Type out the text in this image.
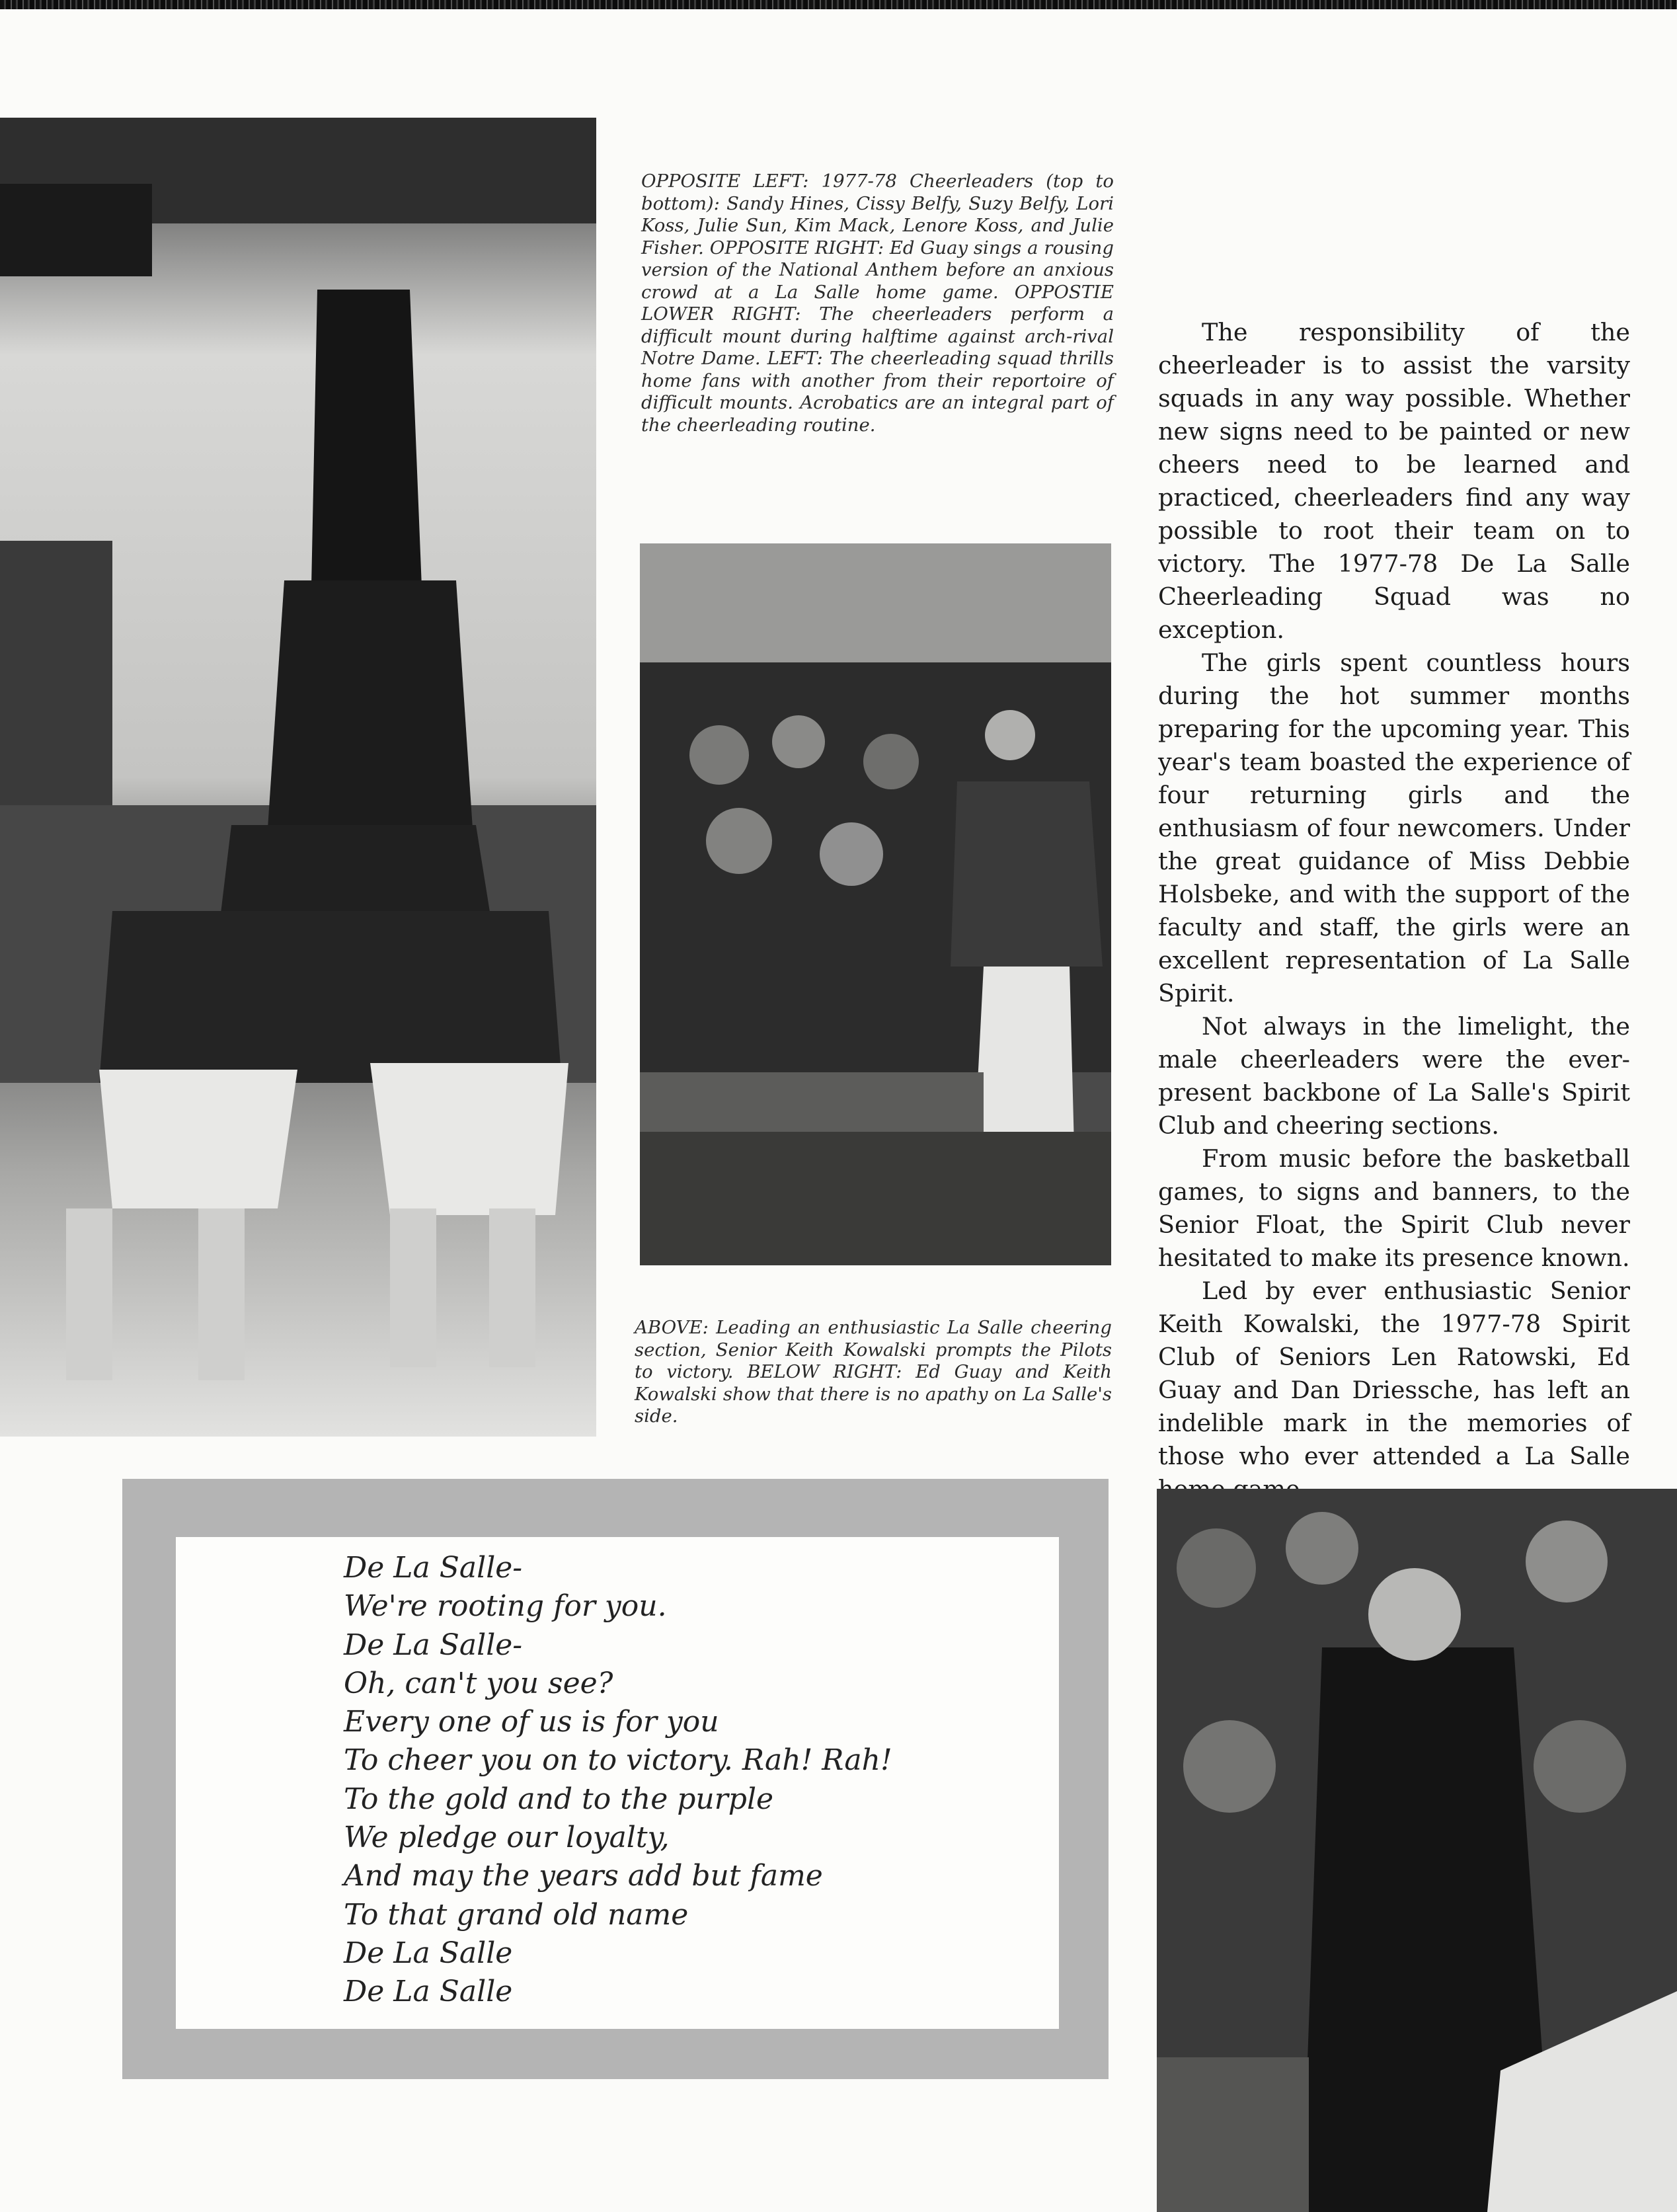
OPPOSITE LEFT: 1977-78 Cheerleaders (top to bottom): Sandy Hines, Cissy Belfy, Suzy Belfy, Lori Koss, Julie Sun, Kim Mack, Lenore Koss, and Julie Fisher. OPPOSITE RIGHT: Ed Guay sings a rousing version of the National Anthem before an anxious crowd at a La Salle home game. OPPOSTIE LOWER RIGHT: The cheerleaders perform a difficult mount during halftime against arch-rival Notre Dame. LEFT: The cheerleading squad thrills home fans with another from their reportoire of difficult mounts. Acrobatics are an integral part of the cheerleading routine.

ABOVE: Leading an enthusiastic La Salle cheering section, Senior Keith Kowalski prompts the Pilots to victory. BELOW RIGHT: Ed Guay and Keith Kowalski show that there is no apathy on La Salle's side.

The responsibility of the cheerleader is to assist the varsity squads in any way possible. Whether new signs need to be painted or new cheers need to be learned and practiced, cheerleaders find any way possible to root their team on to victory. The 1977-78 De La Salle Cheerleading Squad was no exception.

The girls spent countless hours during the hot summer months preparing for the upcoming year. This year's team boasted the experience of four returning girls and the enthusiasm of four newcomers. Under the great guidance of Miss Debbie Holsbeke, and with the support of the faculty and staff, the girls were an excellent representation of La Salle Spirit.

Not always in the limelight, the male cheerleaders were the ever-present backbone of La Salle's Spirit Club and cheering sections.

From music before the basketball games, to signs and banners, to the Senior Float, the Spirit Club never hesitated to make its presence known.

Led by ever enthusiastic Senior Keith Kowalski, the 1977-78 Spirit Club of Seniors Len Ratowski, Ed Guay and Dan Driessche, has left an indelible mark in the memories of those who ever attended a La Salle

De La Salle-
We're rooting for you.
De La Salle-
Oh, can't you see?
Every one of us is for you
To cheer you on to victory. Rah! Rah!
To the gold and to the purple
We pledge our loyalty,
And may the years add but fame
To that grand old name
De La Salle
De La Salle
